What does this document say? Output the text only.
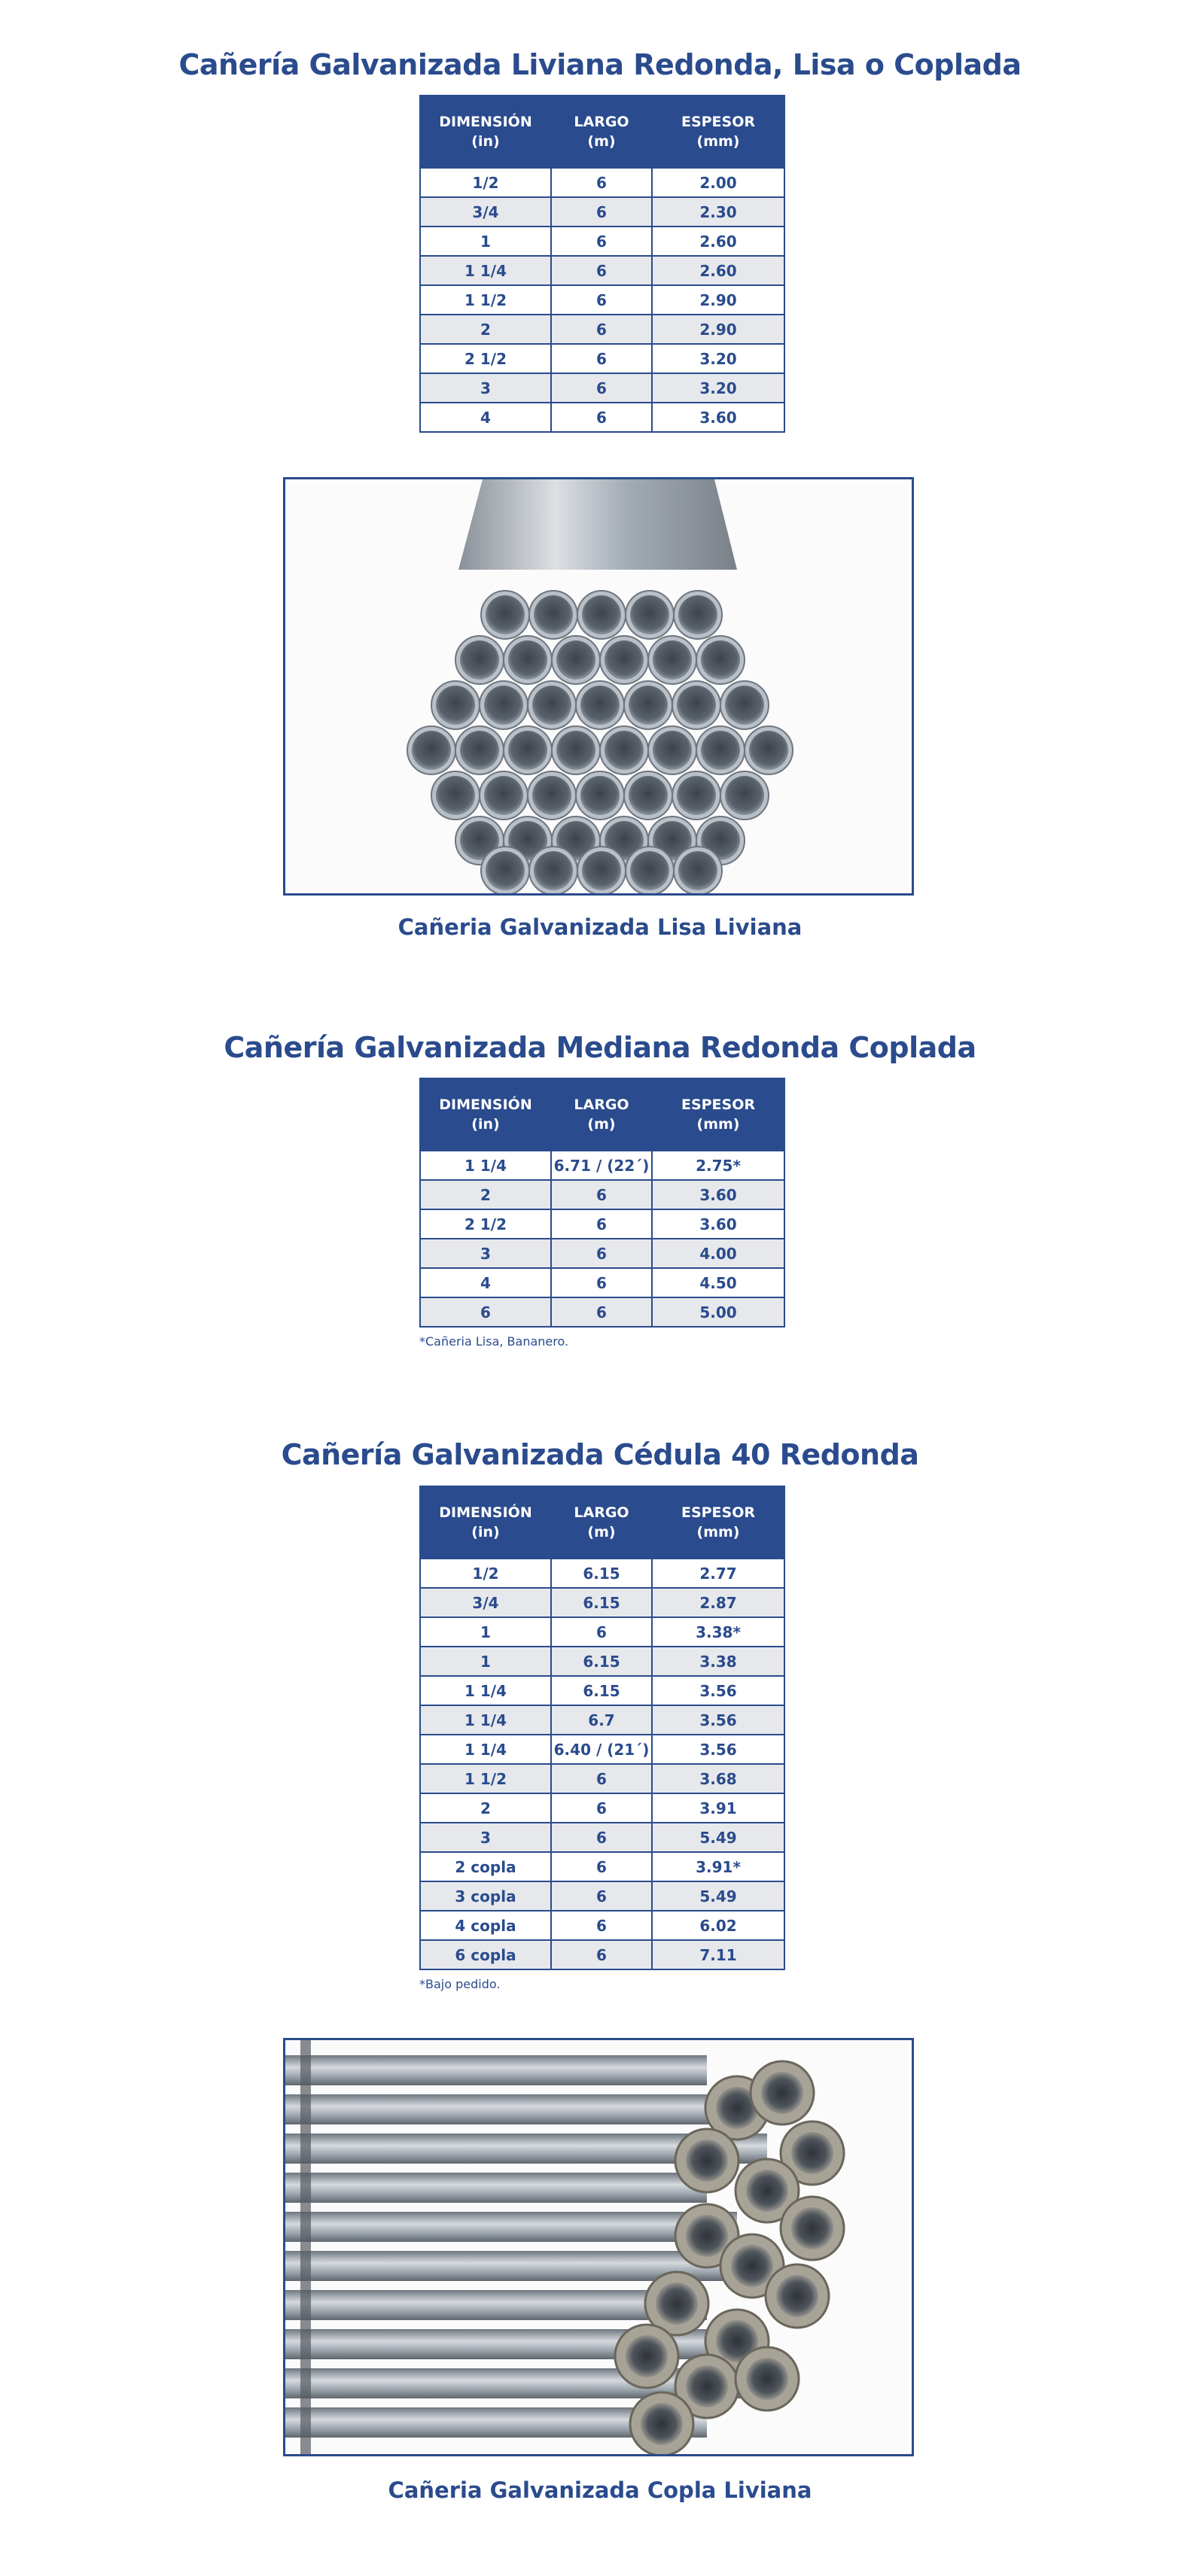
Cañería Galvanizada Liviana Redonda, Lisa o Coplada
DIMENSIÓN
(in)	LARGO
(m)	ESPESOR
(mm)

1/2	6	2.00
3/4	6	2.30
1	6	2.60
1 1/4	6	2.60
1 1/2	6	2.90
2	6	2.90
2 1/2	6	3.20
3	6	3.20
4	6	3.60
Cañeria Galvanizada Lisa Liviana
Cañería Galvanizada Mediana Redonda Coplada
DIMENSIÓN
(in)	LARGO
(m)	ESPESOR
(mm)

1 1/4	6.71 / (22´)	2.75*
2	6	3.60
2 1/2	6	3.60
3	6	4.00
4	6	4.50
6	6	5.00
*Cañeria Lisa, Bananero.
Cañería Galvanizada Cédula 40 Redonda
DIMENSIÓN
(in)	LARGO
(m)	ESPESOR
(mm)

1/2	6.15	2.77
3/4	6.15	2.87
1	6	3.38*
1	6.15	3.38
1 1/4	6.15	3.56
1 1/4	6.7	3.56
1 1/4	6.40 / (21´)	3.56
1 1/2	6	3.68
2	6	3.91
3	6	5.49
2 copla	6	3.91*
3 copla	6	5.49
4 copla	6	6.02
6 copla	6	7.11
*Bajo pedido.
Cañeria Galvanizada Copla Liviana
